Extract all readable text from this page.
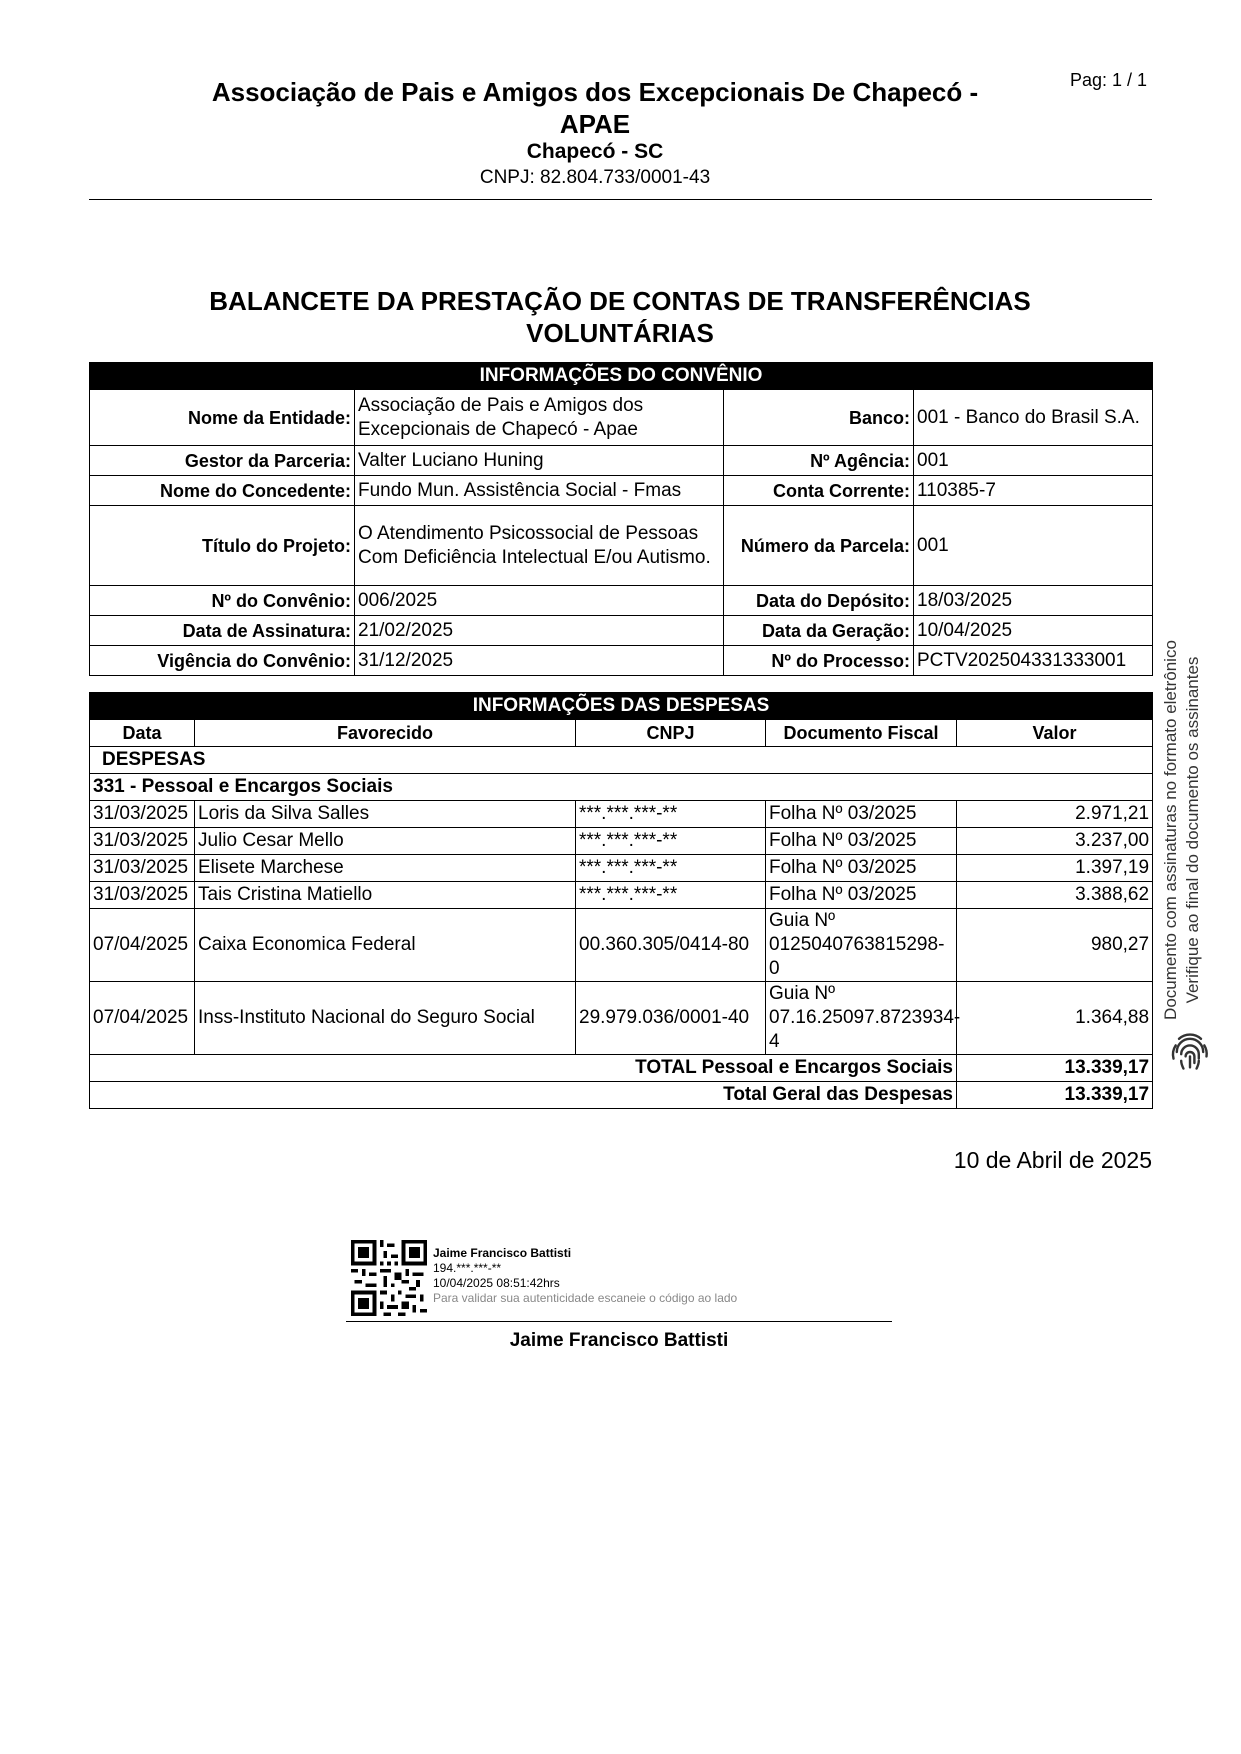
Associação de Pais e Amigos dos Excepcionais De Chapecó - APAE
Chapecó - SC
CNPJ: 82.804.733/0001-43
Pag: 1 / 1
BALANCETE DA PRESTAÇÃO DE CONTAS DE TRANSFERÊNCIAS VOLUNTÁRIAS
INFORMAÇÕES DO CONVÊNIO			
Nome da Entidade:	Associação de Pais e Amigos dos Excepcionais de Chapecó - Apae	Banco:	001 - Banco do Brasil S.A.
Gestor da Parceria:	Valter Luciano Huning	Nº Agência:	001
Nome do Concedente:	Fundo Mun. Assistência Social - Fmas	Conta Corrente:	110385-7
Título do Projeto:	O Atendimento Psicossocial de Pessoas Com Deficiência Intelectual E/ou Autismo.	Número da Parcela:	001
Nº do Convênio:	006/2025	Data do Depósito:	18/03/2025
Data de Assinatura:	21/02/2025	Data da Geração:	10/04/2025
Vigência do Convênio:	31/12/2025	Nº do Processo:	PCTV202504331333001
INFORMAÇÕES DAS DESPESAS				
Data	Favorecido	CNPJ	Documento Fiscal	Valor
DESPESAS				
331 - Pessoal e Encargos Sociais				
31/03/2025	Loris da Silva Salles	***.***.***-**	Folha Nº 03/2025	2.971,21
31/03/2025	Julio Cesar Mello	***.***.***-**	Folha Nº 03/2025	3.237,00
31/03/2025	Elisete Marchese	***.***.***-**	Folha Nº 03/2025	1.397,19
31/03/2025	Tais Cristina Matiello	***.***.***-**	Folha Nº 03/2025	3.388,62
07/04/2025	Caixa Economica Federal	00.360.305/0414-80	Guia Nº 0125040763815298-0	980,27
07/04/2025	Inss-Instituto Nacional do Seguro Social	29.979.036/0001-40	Guia Nº 07.16.25097.8723934-4	1.364,88
TOTAL Pessoal e Encargos Sociais				13.339,17
Total Geral das Despesas				13.339,17
10 de Abril de 2025
Jaime Francisco Battisti
194.***.***-**
10/04/2025 08:51:42hrs
Para validar sua autenticidade escaneie o código ao lado
Jaime Francisco Battisti
Documento com assinaturas no formato eletrônico Verifique ao final do documento os assinantes
